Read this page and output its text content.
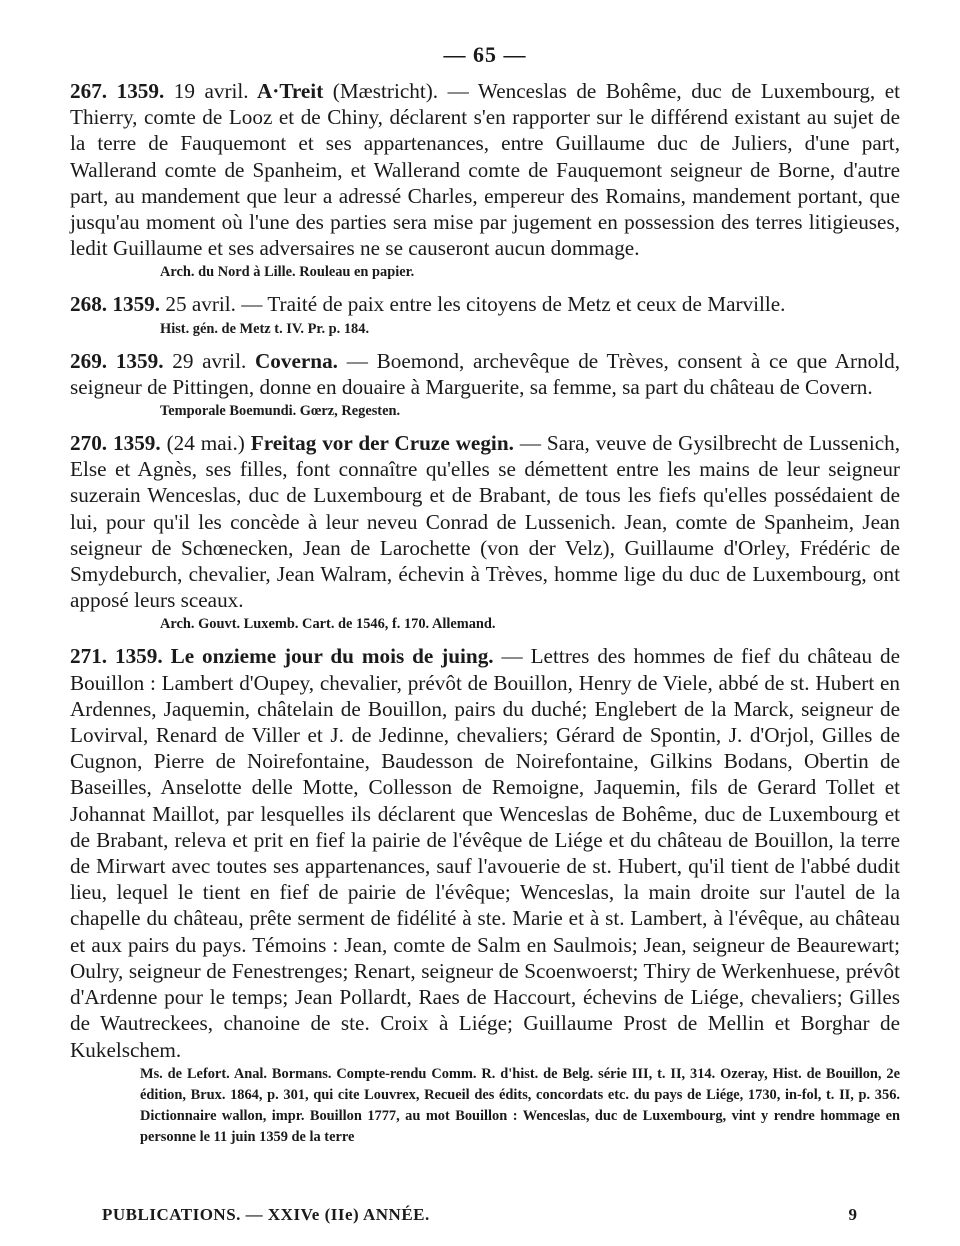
— 65 —

267. 1359. 19 avril. A·Treit (Mæstricht). — Wenceslas de Bohême, duc de Luxembourg, et Thierry, comte de Looz et de Chiny, déclarent s'en rapporter sur le différend existant au sujet de la terre de Fauquemont et ses appartenances, entre Guillaume duc de Juliers, d'une part, Wallerand comte de Spanheim, et Wallerand comte de Fauquemont seigneur de Borne, d'autre part, au mandement que leur a adressé Charles, empereur des Romains, mandement portant, que jusqu'au moment où l'une des parties sera mise par jugement en possession des terres litigieuses, ledit Guillaume et ses adversaires ne se causeront aucun dommage.

Arch. du Nord à Lille. Rouleau en papier.

268. 1359. 25 avril. — Traité de paix entre les citoyens de Metz et ceux de Marville.

Hist. gén. de Metz t. IV. Pr. p. 184.

269. 1359. 29 avril. Coverna. — Boemond, archevêque de Trèves, consent à ce que Arnold, seigneur de Pittingen, donne en douaire à Marguerite, sa femme, sa part du château de Covern.

Temporale Boemundi. Gœrz, Regesten.

270. 1359. (24 mai.) Freitag vor der Cruze wegin. — Sara, veuve de Gysilbrecht de Lussenich, Else et Agnès, ses filles, font connaître qu'elles se démettent entre les mains de leur seigneur suzerain Wenceslas, duc de Luxembourg et de Brabant, de tous les fiefs qu'elles possédaient de lui, pour qu'il les concède à leur neveu Conrad de Lussenich. Jean, comte de Spanheim, Jean seigneur de Schœnecken, Jean de Larochette (von der Velz), Guillaume d'Orley, Frédéric de Smydeburch, chevalier, Jean Walram, échevin à Trèves, homme lige du duc de Luxembourg, ont apposé leurs sceaux.

Arch. Gouvt. Luxemb. Cart. de 1546, f. 170. Allemand.

271. 1359. Le onzieme jour du mois de juing. — Lettres des hommes de fief du château de Bouillon : Lambert d'Oupey, chevalier, prévôt de Bouillon, Henry de Viele, abbé de st. Hubert en Ardennes, Jaquemin, châtelain de Bouillon, pairs du duché; Englebert de la Marck, seigneur de Lovirval, Renard de Viller et J. de Jedinne, chevaliers; Gérard de Spontin, J. d'Orjol, Gilles de Cugnon, Pierre de Noirefontaine, Baudesson de Noirefontaine, Gilkins Bodans, Obertin de Baseilles, Anselotte delle Motte, Collesson de Remoigne, Jaquemin, fils de Gerard Tollet et Johannat Maillot, par lesquelles ils déclarent que Wenceslas de Bohême, duc de Luxembourg et de Brabant, releva et prit en fief la pairie de l'évêque de Liége et du château de Bouillon, la terre de Mirwart avec toutes ses appartenances, sauf l'avouerie de st. Hubert, qu'il tient de l'abbé dudit lieu, lequel le tient en fief de pairie de l'évêque; Wenceslas, la main droite sur l'autel de la chapelle du château, prête serment de fidélité à ste. Marie et à st. Lambert, à l'évêque, au château et aux pairs du pays. Témoins : Jean, comte de Salm en Saulmois; Jean, seigneur de Beaurewart; Oulry, seigneur de Fenestrenges; Renart, seigneur de Scoenwoerst; Thiry de Werkenhuese, prévôt d'Ardenne pour le temps; Jean Pollardt, Raes de Haccourt, échevins de Liége, chevaliers; Gilles de Wautreckees, chanoine de ste. Croix à Liége; Guillaume Prost de Mellin et Borghar de Kukelschem.

Ms. de Lefort. Anal. Bormans. Compte-rendu Comm. R. d'hist. de Belg. série III, t. II, 314. Ozeray, Hist. de Bouillon, 2e édition, Brux. 1864, p. 301, qui cite Louvrex, Recueil des édits, concordats etc. du pays de Liége, 1730, in-fol, t. II, p. 356. Dictionnaire wallon, impr. Bouillon 1777, au mot Bouillon : Wenceslas, duc de Luxembourg, vint y rendre hommage en personne le 11 juin 1359 de la terre
PUBLICATIONS. — XXIVe (IIe) ANNÉE.	9
